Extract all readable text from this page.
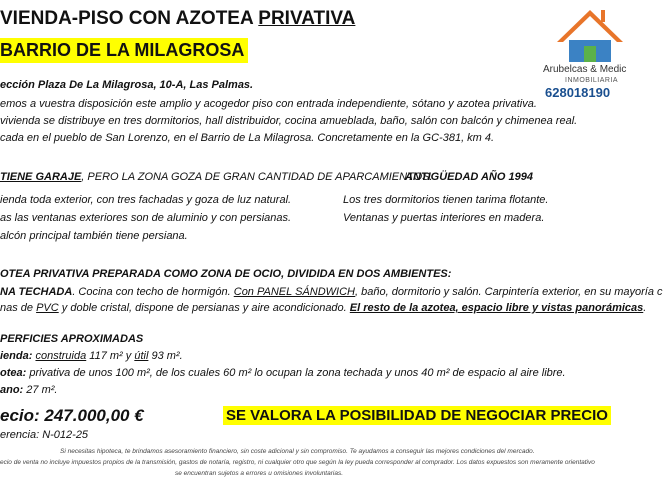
VIENDA-PISO CON AZOTEA PRIVATIVA
BARRIO DE LA MILAGROSA
Arubelcas & Medic
INMOBILIARIA
628018190
ección Plaza De La Milagrosa, 10-A, Las Palmas.
emos a vuestra disposición este amplio y acogedor piso con entrada independiente, sótano y azotea privativa.
vivienda se distribuye en tres dormitorios, hall distribuidor, cocina amueblada, baño, salón con balcón y chimenea real.
cada en el pueblo de San Lorenzo, en el Barrio de La Milagrosa. Concretamente en la GC-381, km 4.
TIENE GARAJE, PERO LA ZONA GOZA DE GRAN CANTIDAD DE APARCAMIENTOS.
ANTIGÜEDAD AÑO 1994
ienda toda exterior, con tres fachadas y goza de luz natural.
as las ventanas exteriores son de aluminio y con persianas.
alcón principal también tiene persiana.
Los tres dormitorios tienen tarima flotante.
Ventanas y puertas interiores en madera.
OTEA PRIVATIVA PREPARADA COMO ZONA DE OCIO, DIVIDIDA EN DOS AMBIENTES:
NA TECHADA. Cocina con techo de hormigón. Con PANEL SÁNDWICH, baño, dormitorio y salón. Carpintería exterior, en su mayoría c
nas de PVC y doble cristal, dispone de persianas y aire acondicionado. El resto de la azotea, espacio libre y vistas panorámicas.
PERFICIES APROXIMADAS
ienda: construida 117 m² y útil 93 m².
otea: privativa de unos 100 m², de los cuales 60 m² lo ocupan la zona techada y unos 40 m² de espacio al aire libre.
ano: 27 m².
ecio: 247.000,00 €	SE VALORA LA POSIBILIDAD DE NEGOCIAR PRECIO
erencia: N-012-25
Si necesitas hipoteca, te brindamos asesoramiento financiero, sin coste adicional y sin compromiso. Te ayudamos a conseguir las mejores condiciones del mercado.
ecio de venta no incluye impuestos propios de la transmisión, gastos de notaría, registro, ni cualquier otro que según la ley pueda corresponder al comprador. Los datos expuestos son meramente orientativo
se encuentran sujetos a errores u omisiones involuntarias.
